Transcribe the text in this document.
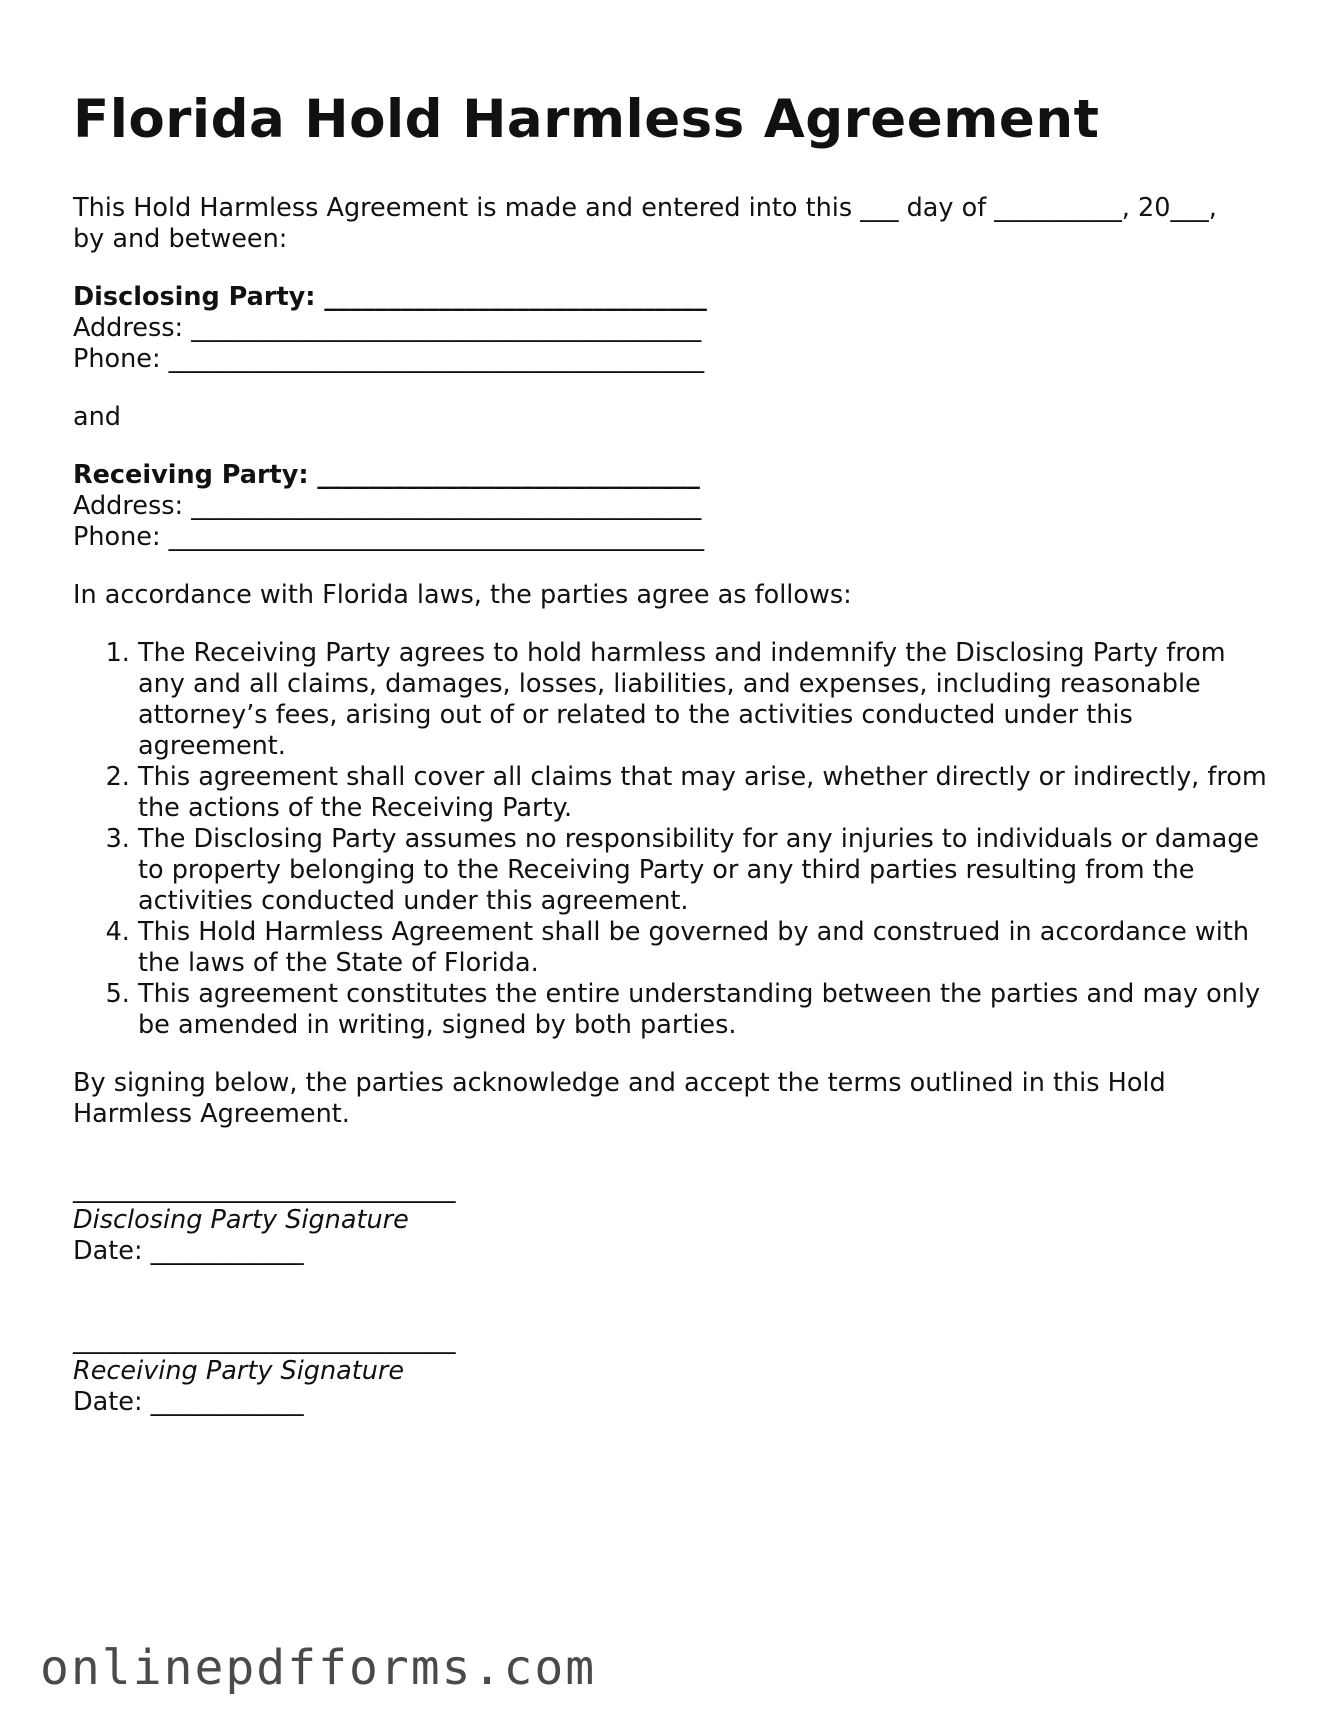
Florida Hold Harmless Agreement

This Hold Harmless Agreement is made and entered into this ___ day of __________, 20___,

by and between:

Disclosing Party: ______________________________

Address: ________________________________________

Phone: __________________________________________

and

Receiving Party: ______________________________

Address: ________________________________________

Phone: __________________________________________

In accordance with Florida laws, the parties agree as follows:

1. The Receiving Party agrees to hold harmless and indemnify the Disclosing Party from any and all claims, damages, losses, liabilities, and expenses, including reasonable attorney’s fees, arising out of or related to the activities conducted under this agreement.
2. This agreement shall cover all claims that may arise, whether directly or indirectly, from the actions of the Receiving Party.
3. The Disclosing Party assumes no responsibility for any injuries to individuals or damage to property belonging to the Receiving Party or any third parties resulting from the activities conducted under this agreement.
4. This Hold Harmless Agreement shall be governed by and construed in accordance with the laws of the State of Florida.
5. This agreement constitutes the entire understanding between the parties and may only be amended in writing, signed by both parties.

By signing below, the parties acknowledge and accept the terms outlined in this Hold Harmless Agreement.

______________________________
Disclosing Party Signature
Date: ____________
______________________________
Receiving Party Signature
Date: ____________
onlinepdfforms.com
